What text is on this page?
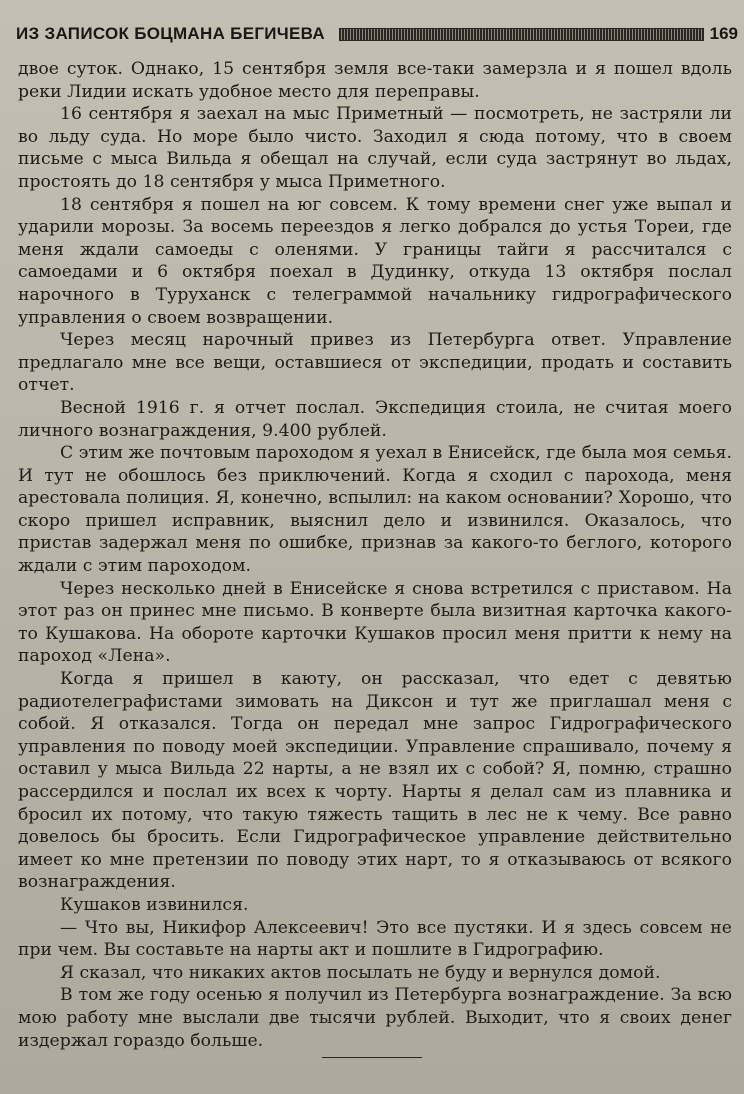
ИЗ ЗАПИСОК БОЦМАНА БЕГИЧЕВА	169

двое суток. Однако, 15 сентября земля все-таки замерзла и я пошел вдоль реки Лидии искать удобное место для переправы.

16 сентября я заехал на мыс Приметный — посмотреть, не застряли ли во льду суда. Но море было чисто. Заходил я сюда потому, что в своем письме с мыса Вильда я обещал на случай, если суда застрянут во льдах, простоять до 18 сентября у мыса Приметного.

18 сентября я пошел на юг совсем. К тому времени снег уже выпал и ударили морозы. За восемь переездов я легко добрался до устья Тореи, где меня ждали самоеды с оленями. У границы тайги я рассчитался с самоедами и 6 октября поехал в Дудинку, откуда 13 октября послал нарочного в Туруханск с телеграммой начальнику гидрографического управления о своем возвращении.

Через месяц нарочный привез из Петербурга ответ. Управление предлагало мне все вещи, оставшиеся от экспедиции, продать и составить отчет.

Весной 1916 г. я отчет послал. Экспедиция стоила, не считая моего личного вознаграждения, 9.400 рублей.

С этим же почтовым пароходом я уехал в Енисейск, где была моя семья. И тут не обошлось без приключений. Когда я сходил с парохода, меня арестовала полиция. Я, конечно, вспылил: на каком основании? Хорошо, что скоро пришел исправник, выяснил дело и извинился. Оказалось, что пристав задержал меня по ошибке, признав за какого-то беглого, которого ждали с этим пароходом.

Через несколько дней в Енисейске я снова встретился с приставом. На этот раз он принес мне письмо. В конверте была визитная карточка какого-то Кушакова. На обороте карточки Кушаков просил меня притти к нему на пароход «Лена».

Когда я пришел в каюту, он рассказал, что едет с девятью радиотелеграфистами зимовать на Диксон и тут же приглашал меня с собой. Я отказался. Тогда он передал мне запрос Гидрографического управления по поводу моей экспедиции. Управление спрашивало, почему я оставил у мыса Вильда 22 нарты, а не взял их с собой? Я, помню, страшно рассердился и послал их всех к чорту. Нарты я делал сам из плавника и бросил их потому, что такую тяжесть тащить в лес не к чему. Все равно довелось бы бросить. Если Гидрографическое управление действительно имеет ко мне претензии по поводу этих нарт, то я отказываюсь от всякого вознаграждения.

Кушаков извинился.

— Что вы, Никифор Алексеевич! Это все пустяки. И я здесь совсем не при чем. Вы составьте на нарты акт и пошлите в Гидрографию.

Я сказал, что никаких актов посылать не буду и вернулся домой.

В том же году осенью я получил из Петербурга вознаграждение. За всю мою работу мне выслали две тысячи рублей. Выходит, что я своих денег издержал гораздо больше.
